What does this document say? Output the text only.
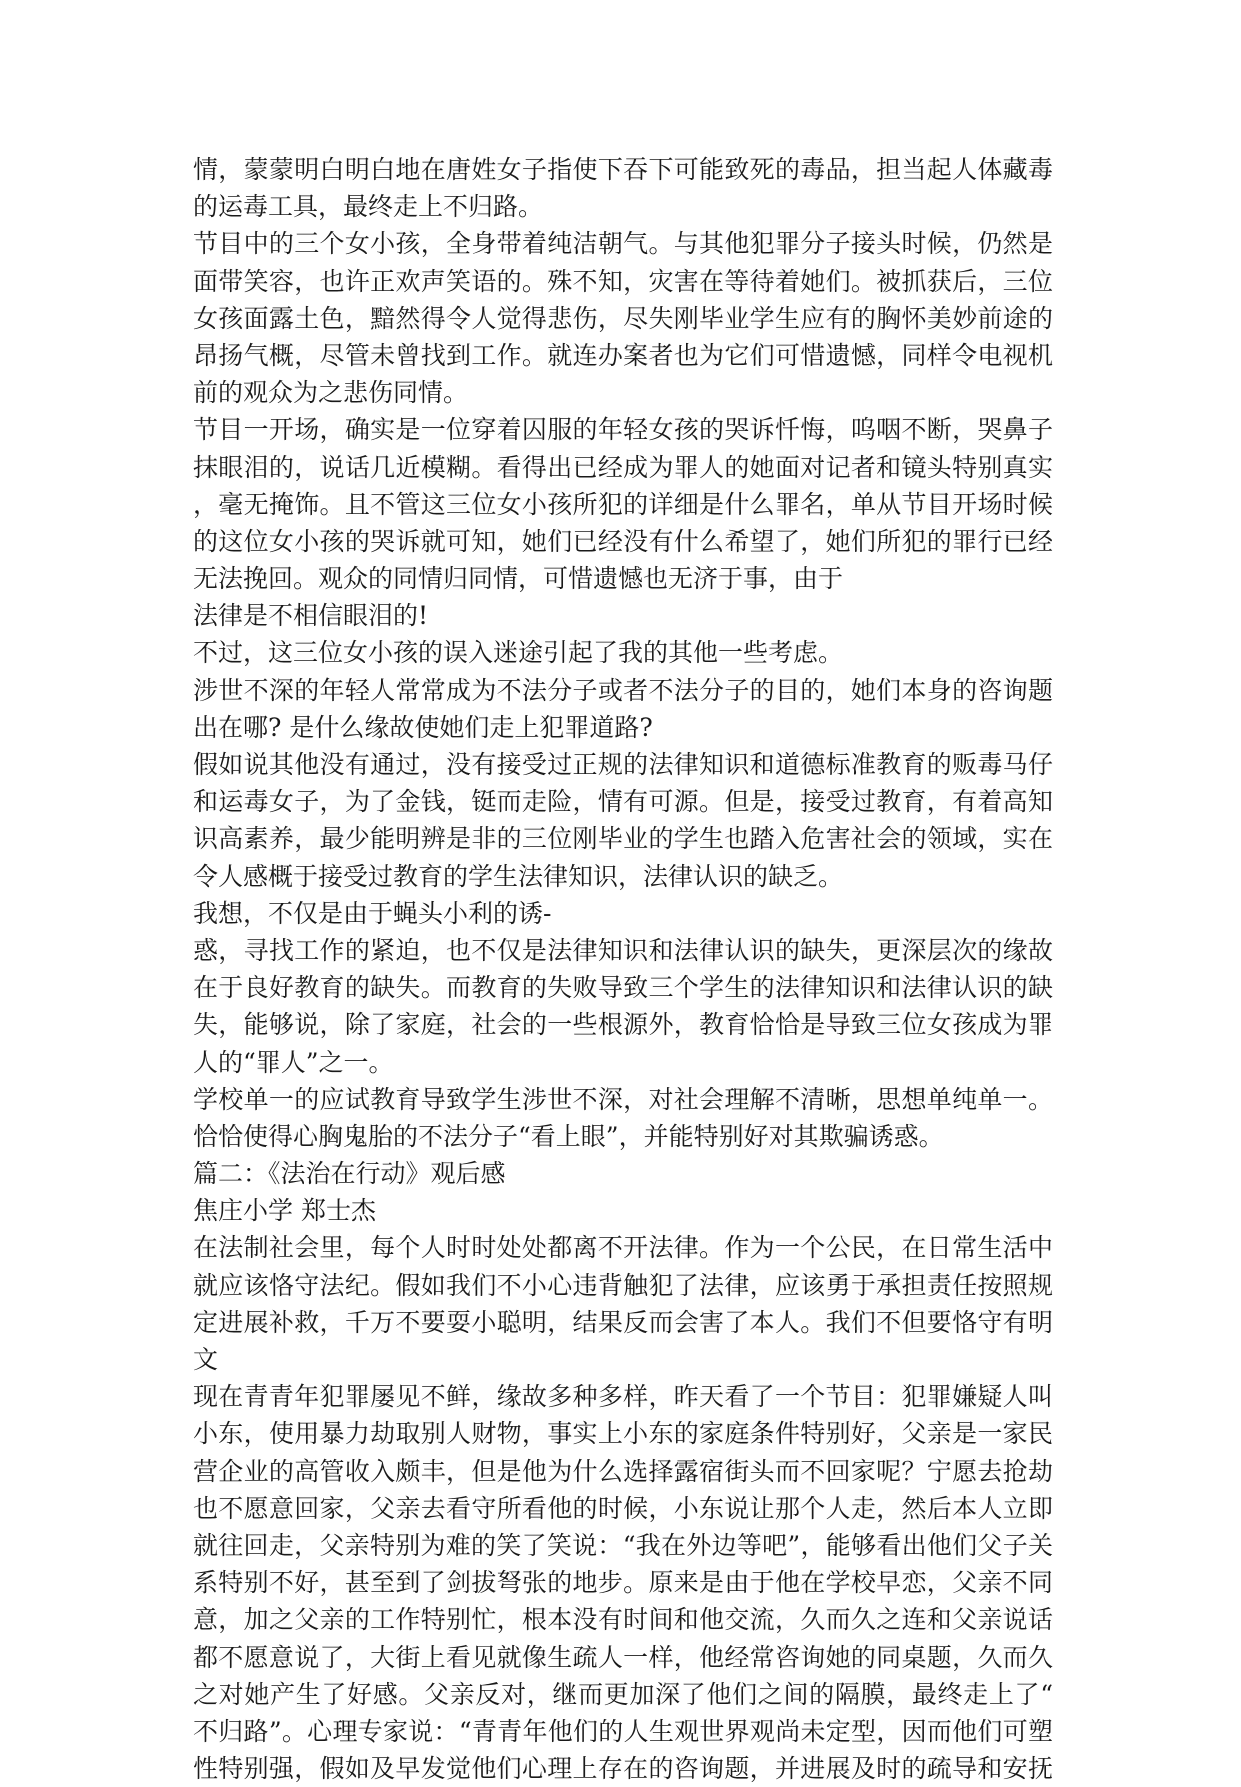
情，蒙蒙明白明白地在唐姓女子指使下吞下可能致死的毒品，担当起人体藏毒
的运毒工具，最终走上不归路。
节目中的三个女小孩，全身带着纯洁朝气。与其他犯罪分子接头时候，仍然是
面带笑容，也许正欢声笑语的。殊不知，灾害在等待着她们。被抓获后，三位
女孩面露土色，黯然得令人觉得悲伤，尽失刚毕业学生应有的胸怀美妙前途的
昂扬气概，尽管未曾找到工作。就连办案者也为它们可惜遗憾，同样令电视机
前的观众为之悲伤同情。
节目一开场，确实是一位穿着囚服的年轻女孩的哭诉忏悔，呜咽不断，哭鼻子
抹眼泪的，说话几近模糊。看得出已经成为罪人的她面对记者和镜头特别真实
，毫无掩饰。且不管这三位女小孩所犯的详细是什么罪名，单从节目开场时候
的这位女小孩的哭诉就可知，她们已经没有什么希望了，她们所犯的罪行已经
无法挽回。观众的同情归同情，可惜遗憾也无济于事，由于
法律是不相信眼泪的!
不过，这三位女小孩的误入迷途引起了我的其他一些考虑。
涉世不深的年轻人常常成为不法分子或者不法分子的目的，她们本身的咨询题
出在哪? 是什么缘故使她们走上犯罪道路?
假如说其他没有通过，没有接受过正规的法律知识和道德标准教育的贩毒马仔
和运毒女子，为了金钱，铤而走险，情有可源。但是，接受过教育，有着高知
识高素养，最少能明辨是非的三位刚毕业的学生也踏入危害社会的领域，实在
令人感概于接受过教育的学生法律知识，法律认识的缺乏。
我想，不仅是由于蝇头小利的诱-
惑，寻找工作的紧迫，也不仅是法律知识和法律认识的缺失，更深层次的缘故
在于良好教育的缺失。而教育的失败导致三个学生的法律知识和法律认识的缺
失，能够说，除了家庭，社会的一些根源外，教育恰恰是导致三位女孩成为罪
人的“罪人”之一。
学校单一的应试教育导致学生涉世不深，对社会理解不清晰，思想单纯单一。
恰恰使得心胸鬼胎的不法分子“看上眼”，并能特别好对其欺骗诱惑。
篇二：《法治在行动》观后感
焦庄小学 郑士杰
在法制社会里，每个人时时处处都离不开法律。作为一个公民，在日常生活中
就应该恪守法纪。假如我们不小心违背触犯了法律，应该勇于承担责任按照规
定进展补救，千万不要耍小聪明，结果反而会害了本人。我们不但要恪守有明
文
现在青青年犯罪屡见不鲜，缘故多种多样，昨天看了一个节目：犯罪嫌疑人叫
小东，使用暴力劫取别人财物，事实上小东的家庭条件特别好，父亲是一家民
营企业的高管收入颇丰，但是他为什么选择露宿街头而不回家呢？宁愿去抢劫
也不愿意回家，父亲去看守所看他的时候，小东说让那个人走，然后本人立即
就往回走，父亲特别为难的笑了笑说：“我在外边等吧”，能够看出他们父子关
系特别不好，甚至到了剑拔弩张的地步。原来是由于他在学校早恋，父亲不同
意，加之父亲的工作特别忙，根本没有时间和他交流，久而久之连和父亲说话
都不愿意说了，大街上看见就像生疏人一样，他经常咨询她的同桌题，久而久
之对她产生了好感。父亲反对，继而更加深了他们之间的隔膜，最终走上了“
不归路”。心理专家说：“青青年他们的人生观世界观尚未定型，因而他们可塑
性特别强，假如及早发觉他们心理上存在的咨询题，并进展及时的疏导和安抚
